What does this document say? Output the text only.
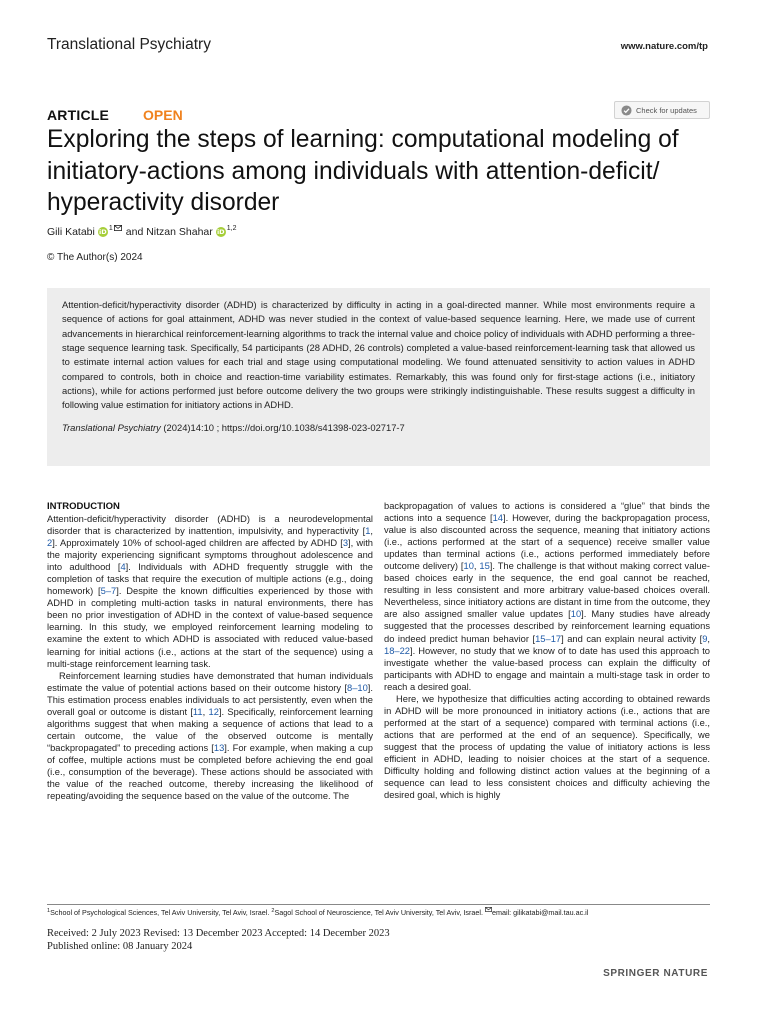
Translational Psychiatry	www.nature.com/tp
ARTICLE OPEN	Check for updates
Exploring the steps of learning: computational modeling of initiatory-actions among individuals with attention-deficit/ hyperactivity disorder
Gili Katabi iD 1 and Nitzan Shahar iD 1,2
© The Author(s) 2024

Attention-deficit/hyperactivity disorder (ADHD) is characterized by difficulty in acting in a goal-directed manner. While most environments require a sequence of actions for goal attainment, ADHD was never studied in the context of value-based sequence learning. Here, we made use of current advancements in hierarchical reinforcement-learning algorithms to track the internal value and choice policy of individuals with ADHD performing a three-stage sequence learning task. Specifically, 54 participants (28 ADHD, 26 controls) completed a value-based reinforcement-learning task that allowed us to estimate internal action values for each trial and stage using computational modeling. We found attenuated sensitivity to action values in ADHD compared to controls, both in choice and reaction-time variability estimates. Remarkably, this was found only for first-stage actions (i.e., initiatory actions), while for actions performed just before outcome delivery the two groups were strikingly indistinguishable. These results suggest a difficulty in following value estimation for initiatory actions in ADHD.

Translational Psychiatry (2024)14:10 ; https://doi.org/10.1038/s41398-023-02717-7

INTRODUCTION

Attention-deficit/hyperactivity disorder (ADHD) is a neurodevelopmental disorder that is characterized by inattention, impulsivity, and hyperactivity [1, 2]. Approximately 10% of school-aged children are affected by ADHD [3], with the majority experiencing significant symptoms throughout adolescence and into adulthood [4]. Individuals with ADHD frequently struggle with the completion of tasks that require the execution of multiple actions (e.g., doing homework) [5–7]. Despite the known difficulties experienced by those with ADHD in completing multi-action tasks in natural environments, there has been no prior investigation of ADHD in the context of value-based sequence learning. In this study, we employed reinforcement learning modeling to examine the extent to which ADHD is associated with reduced value-based learning for initial actions (i.e., actions at the start of the sequence) using a multi-stage reinforcement learning task.

Reinforcement learning studies have demonstrated that human individuals estimate the value of potential actions based on their outcome history [8–10]. This estimation process enables individuals to act persistently, even when the overall goal or outcome is distant [11, 12]. Specifically, reinforcement learning algorithms suggest that when making a sequence of actions that lead to a certain outcome, the value of the observed outcome is mentally “backpropagated” to preceding actions [13]. For example, when making a cup of coffee, multiple actions must be completed before achieving the end goal (i.e., consumption of the beverage). These actions should be associated with the value of the reached outcome, thereby increasing the likelihood of repeating/avoiding the sequence based on the value of the outcome. The

backpropagation of values to actions is considered a “glue” that binds the actions into a sequence [14]. However, during the backpropagation process, value is also discounted across the sequence, meaning that initiatory actions (i.e., actions performed at the start of a sequence) receive smaller value updates than terminal actions (i.e., actions performed immediately before outcome delivery) [10, 15]. The challenge is that without making correct value-based choices early in the sequence, the end goal cannot be reached, resulting in less consistent and more arbitrary value-based choices overall. Nevertheless, since initiatory actions are distant in time from the outcome, they are also assigned smaller value updates [10]. Many studies have already suggested that the processes described by reinforcement learning equations do indeed predict human behavior [15–17] and can explain neural activity [9, 18–22]. However, no study that we know of to date has used this approach to investigate whether the value-based process can explain the difficulty of participants with ADHD to engage and maintain a multi-stage task in order to reach a desired goal.

Here, we hypothesize that difficulties acting according to obtained rewards in ADHD will be more pronounced in initiatory actions (i.e., actions that are performed at the start of a sequence) compared with terminal actions (i.e., actions that are performed at the end of an sequence). Specifically, we suggest that the process of updating the value of initiatory actions is less efficient in ADHD, leading to noisier choices at the start of a sequence. Difficulty holding and following distinct action values at the beginning of a sequence can lead to less consistent choices and difficulty achieving the desired goal, which is highly

$^1$School of Psychological Sciences, Tel Aviv University, Tel Aviv, Israel. $^2$Sagol School of Neuroscience, Tel Aviv University, Tel Aviv, Israel. email: gilikatabi@mail.tau.ac.il
Received: 2 July 2023 Revised: 13 December 2023 Accepted: 14 December 2023
Published online: 08 January 2024
SPRINGER NATURE
